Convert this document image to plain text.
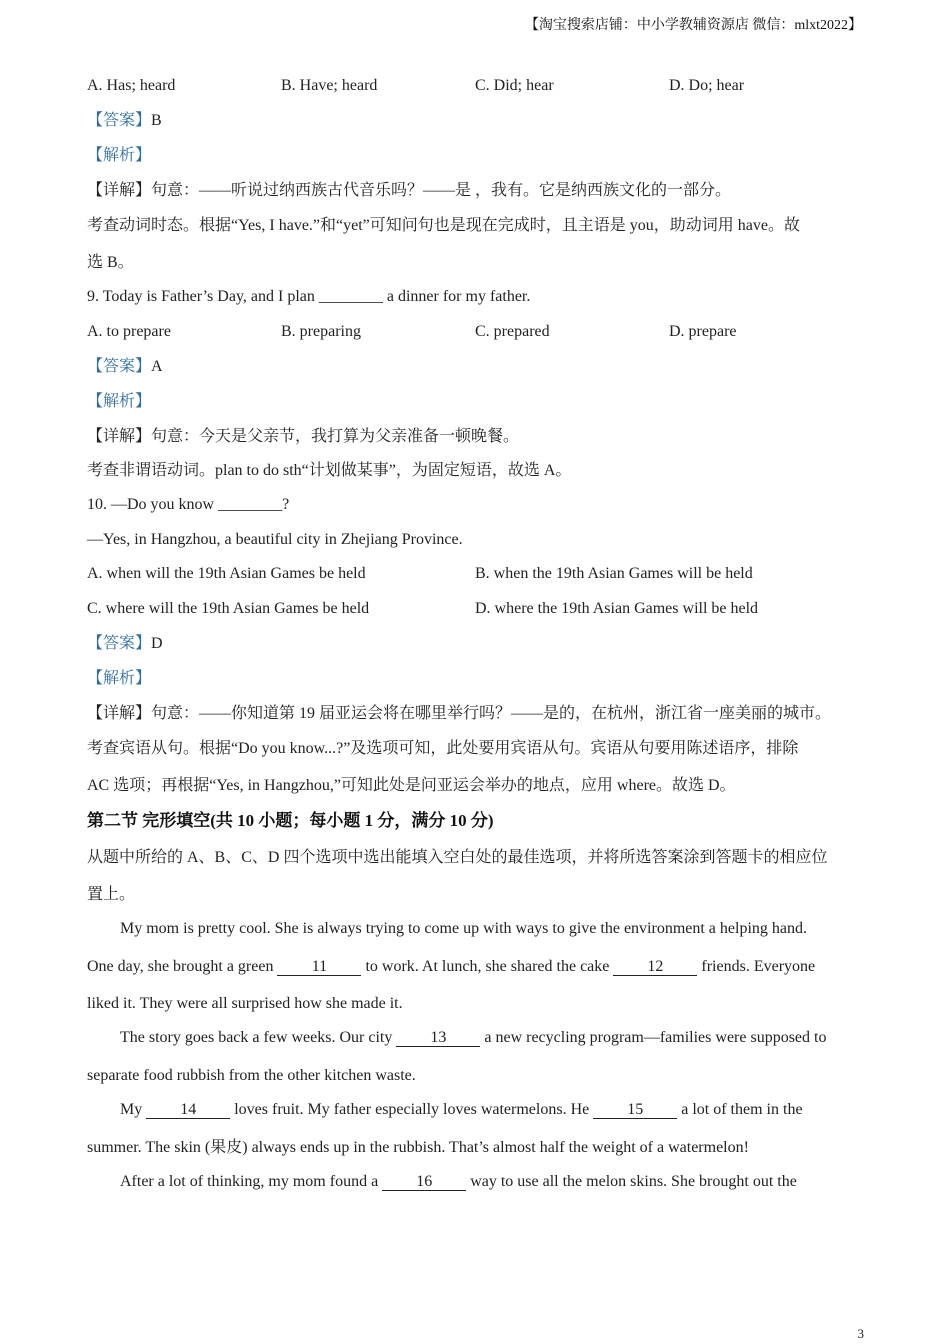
【淘宝搜索店铺：中小学教辅资源店 微信：mlxt2022】
A. Has; heard	B. Have; heard	C. Did; hear	D. Do; hear
【答案】B
【解析】
【详解】句意：——听说过纳西族古代音乐吗？——是 ，我有。它是纳西族文化的一部分。
考查动词时态。根据“Yes, I have.”和“yet”可知问句也是现在完成时，且主语是 you，助动词用 have。故
选 B。
9. Today is Father’s Day, and I plan ________ a dinner for my father.
A. to prepare	B. preparing	C. prepared	D. prepare
【答案】A
【解析】
【详解】句意：今天是父亲节，我打算为父亲准备一顿晚餐。
考查非谓语动词。plan to do sth“计划做某事”，为固定短语，故选 A。
10. —Do you know ________?
—Yes, in Hangzhou, a beautiful city in Zhejiang Province.
A. when will the 19th Asian Games be held	B. when the 19th Asian Games will be held
C. where will the 19th Asian Games be held	D. where the 19th Asian Games will be held
【答案】D
【解析】
【详解】句意：——你知道第 19 届亚运会将在哪里举行吗？——是的，在杭州，浙江省一座美丽的城市。
考查宾语从句。根据“Do you know...?”及选项可知，此处要用宾语从句。宾语从句要用陈述语序，排除
AC 选项；再根据“Yes, in Hangzhou,”可知此处是问亚运会举办的地点，应用 where。故选 D。
第二节 完形填空(共 10 小题；每小题 1 分，满分 10 分)
从题中所给的 A、B、C、D 四个选项中选出能填入空白处的最佳选项，并将所选答案涂到答题卡的相应位
置上。
My mom is pretty cool. She is always trying to come up with ways to give the environment a helping hand.
One day, she brought a green 11 to work. At lunch, she shared the cake 12 friends. Everyone
liked it. They were all surprised how she made it.
The story goes back a few weeks. Our city 13 a new recycling program—families were supposed to
separate food rubbish from the other kitchen waste.
My 14 loves fruit. My father especially loves watermelons. He 15 a lot of them in the
summer. The skin (果皮) always ends up in the rubbish. That’s almost half the weight of a watermelon!
After a lot of thinking, my mom found a 16 way to use all the melon skins. She brought out the
3
